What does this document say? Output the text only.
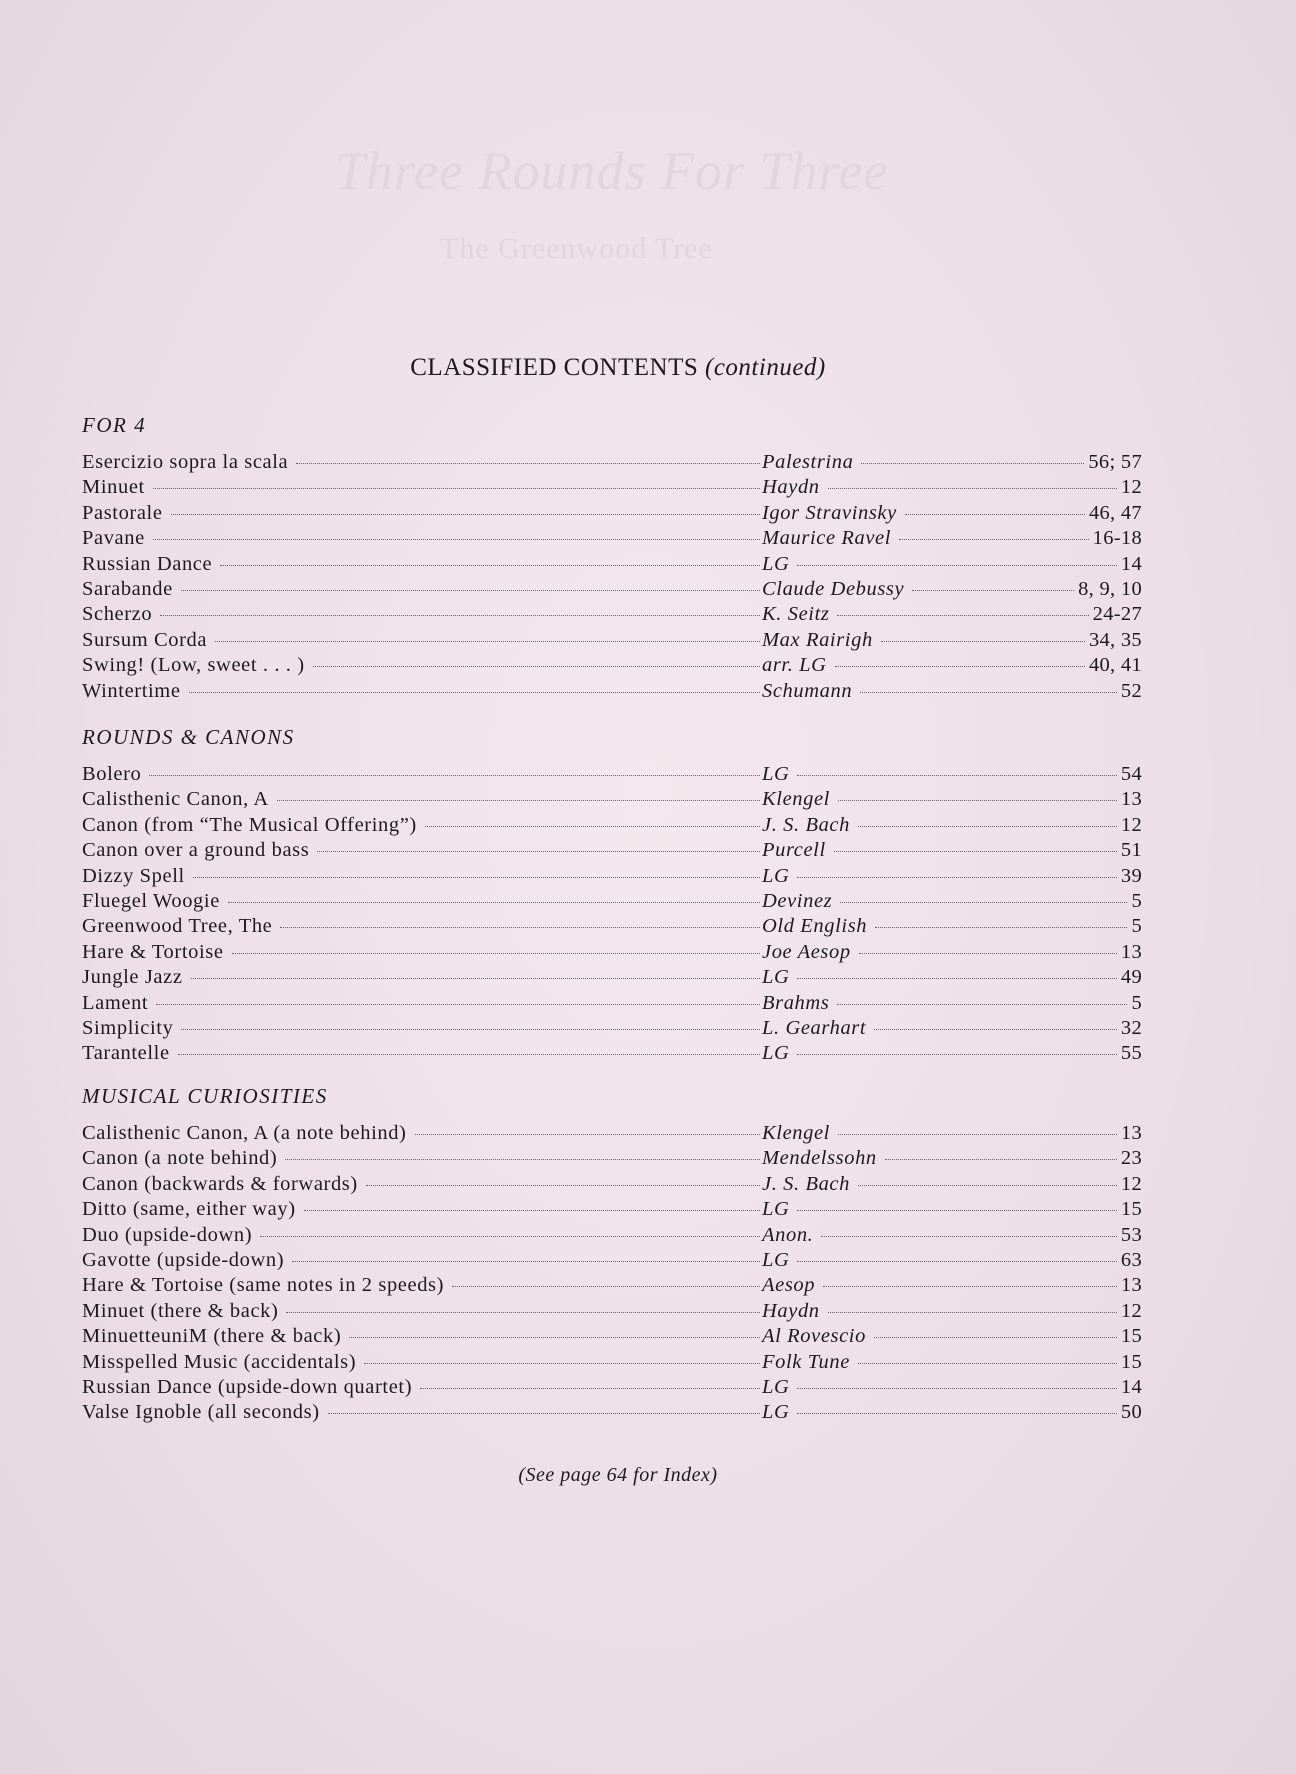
Three Rounds For Three
The Greenwood Tree
CLASSIFIED CONTENTS (continued)
FOR 4
Esercizio sopra la scala	Palestrina	56; 57
Minuet	Haydn	12
Pastorale	Igor Stravinsky	46, 47
Pavane	Maurice Ravel	16-18
Russian Dance	LG	14
Sarabande	Claude Debussy	8, 9, 10
Scherzo	K. Seitz	24-27
Sursum Corda	Max Rairigh	34, 35
Swing! (Low, sweet . . . )	arr. LG	40, 41
Wintertime	Schumann	52
ROUNDS & CANONS
Bolero	LG	54
Calisthenic Canon, A	Klengel	13
Canon (from “The Musical Offering”)	J. S. Bach	12
Canon over a ground bass	Purcell	51
Dizzy Spell	LG	39
Fluegel Woogie	Devinez	5
Greenwood Tree, The	Old English	5
Hare & Tortoise	Joe Aesop	13
Jungle Jazz	LG	49
Lament	Brahms	5
Simplicity	L. Gearhart	32
Tarantelle	LG	55
MUSICAL CURIOSITIES
Calisthenic Canon, A (a note behind)	Klengel	13
Canon (a note behind)	Mendelssohn	23
Canon (backwards & forwards)	J. S. Bach	12
Ditto (same, either way)	LG	15
Duo (upside-down)	Anon.	53
Gavotte (upside-down)	LG	63
Hare & Tortoise (same notes in 2 speeds)	Aesop	13
Minuet (there & back)	Haydn	12
MinuetteuniM (there & back)	Al Rovescio	15
Misspelled Music (accidentals)	Folk Tune	15
Russian Dance (upside-down quartet)	LG	14
Valse Ignoble (all seconds)	LG	50
(See page 64 for Index)
